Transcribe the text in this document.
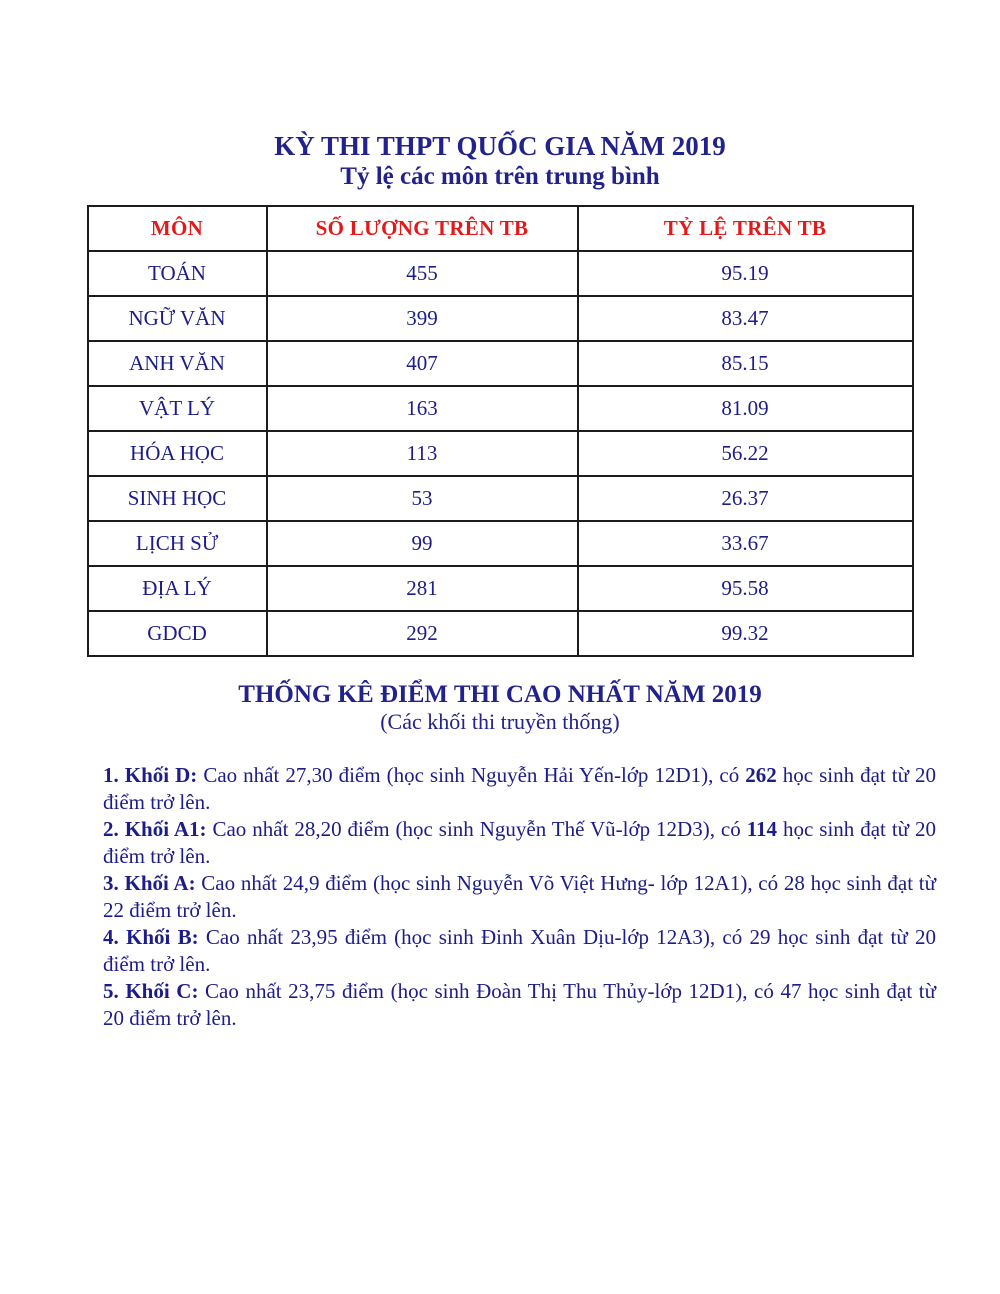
KỲ THI THPT QUỐC GIA NĂM 2019

Tỷ lệ các môn trên trung bình

MÔN	SỐ LƯỢNG TRÊN TB	TỶ LỆ TRÊN TB
TOÁN	455	95.19
NGỮ VĂN	399	83.47
ANH VĂN	407	85.15
VẬT LÝ	163	81.09
HÓA HỌC	113	56.22
SINH HỌC	53	26.37
LỊCH SỬ	99	33.67
ĐỊA LÝ	281	95.58
GDCD	292	99.32

THỐNG KÊ ĐIỂM THI CAO NHẤT NĂM 2019

(Các khối thi truyền thống)

1. Khối D: Cao nhất 27,30 điểm (học sinh Nguyễn Hải Yến-lớp 12D1), có 262 học sinh đạt từ 20 điểm trở lên.

2. Khối A1: Cao nhất 28,20 điểm (học sinh Nguyễn Thế Vũ-lớp 12D3), có 114 học sinh đạt từ 20 điểm trở lên.

3. Khối A: Cao nhất 24,9 điểm (học sinh Nguyễn Võ Việt Hưng- lớp 12A1), có 28 học sinh đạt từ 22 điểm trở lên.

4. Khối B: Cao nhất 23,95 điểm (học sinh Đinh Xuân Dịu-lớp 12A3), có 29 học sinh đạt từ 20 điểm trở lên.

5. Khối C: Cao nhất 23,75 điểm (học sinh Đoàn Thị Thu Thủy-lớp 12D1), có 47 học sinh đạt từ 20 điểm trở lên.
